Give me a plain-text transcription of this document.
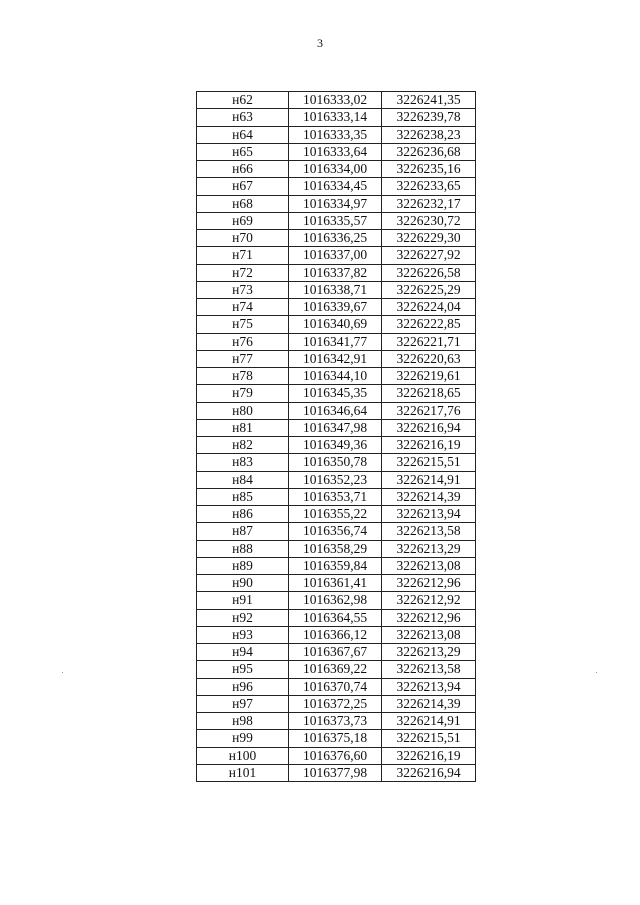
3
н62	1016333,02	3226241,35
н63	1016333,14	3226239,78
н64	1016333,35	3226238,23
н65	1016333,64	3226236,68
н66	1016334,00	3226235,16
н67	1016334,45	3226233,65
н68	1016334,97	3226232,17
н69	1016335,57	3226230,72
н70	1016336,25	3226229,30
н71	1016337,00	3226227,92
н72	1016337,82	3226226,58
н73	1016338,71	3226225,29
н74	1016339,67	3226224,04
н75	1016340,69	3226222,85
н76	1016341,77	3226221,71
н77	1016342,91	3226220,63
н78	1016344,10	3226219,61
н79	1016345,35	3226218,65
н80	1016346,64	3226217,76
н81	1016347,98	3226216,94
н82	1016349,36	3226216,19
н83	1016350,78	3226215,51
н84	1016352,23	3226214,91
н85	1016353,71	3226214,39
н86	1016355,22	3226213,94
н87	1016356,74	3226213,58
н88	1016358,29	3226213,29
н89	1016359,84	3226213,08
н90	1016361,41	3226212,96
н91	1016362,98	3226212,92
н92	1016364,55	3226212,96
н93	1016366,12	3226213,08
н94	1016367,67	3226213,29
н95	1016369,22	3226213,58
н96	1016370,74	3226213,94
н97	1016372,25	3226214,39
н98	1016373,73	3226214,91
н99	1016375,18	3226215,51
н100	1016376,60	3226216,19
н101	1016377,98	3226216,94
